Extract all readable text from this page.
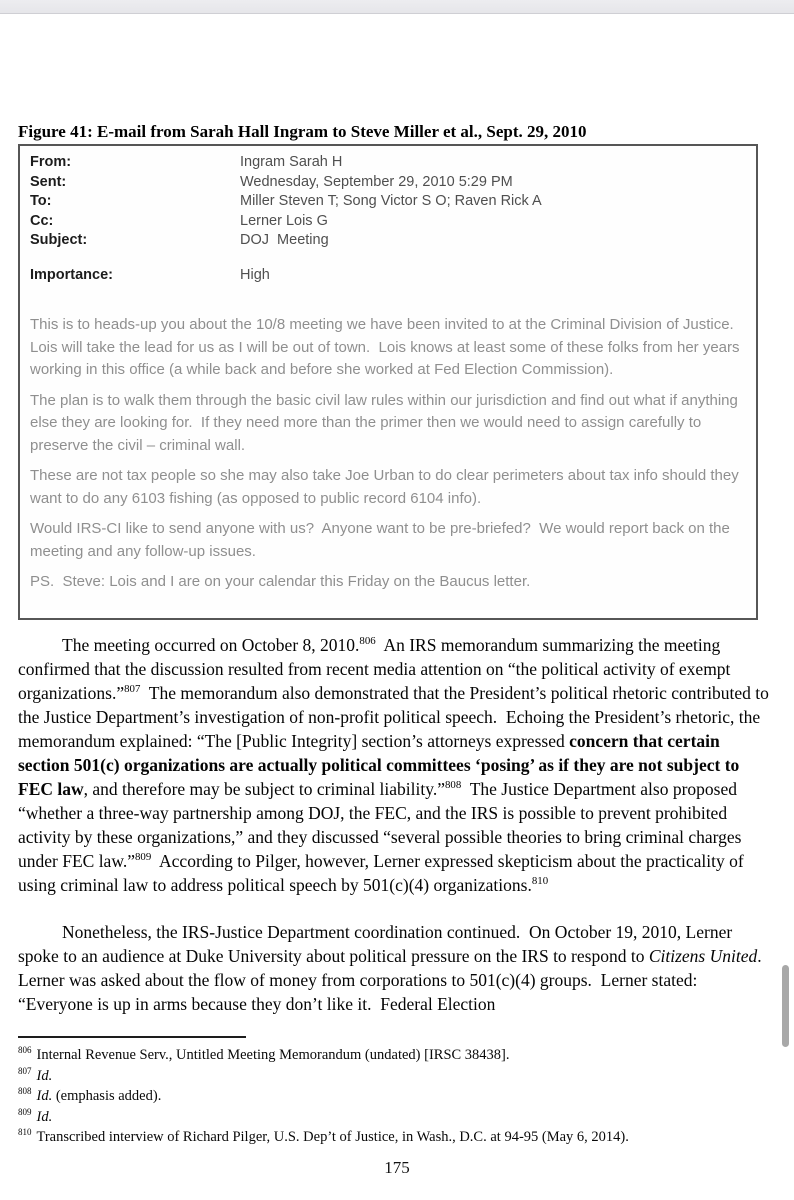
Figure 41: E-mail from Sarah Hall Ingram to Steve Miller et al., Sept. 29, 2010
From:	Ingram Sarah H
Sent:	Wednesday, September 29, 2010 5:29 PM
To:	Miller Steven T; Song Victor S O; Raven Rick A
Cc:	Lerner Lois G
Subject:	DOJ  Meeting
Importance:	High
This is to heads-up you about the 10/8 meeting we have been invited to at the Criminal Division of Justice.  Lois will take the lead for us as I will be out of town.  Lois knows at least some of these folks from her years working in this office (a while back and before she worked at Fed Election Commission).
The plan is to walk them through the basic civil law rules within our jurisdiction and find out what if anything else they are looking for.  If they need more than the primer then we would need to assign carefully to preserve the civil – criminal wall.
These are not tax people so she may also take Joe Urban to do clear perimeters about tax info should they want to do any 6103 fishing (as opposed to public record 6104 info).
Would IRS-CI like to send anyone with us?  Anyone want to be pre-briefed?  We would report back on the meeting and any follow-up issues.
PS.  Steve: Lois and I are on your calendar this Friday on the Baucus letter.

The meeting occurred on October 8, 2010.$^{806}$  An IRS memorandum summarizing the meeting confirmed that the discussion resulted from recent media attention on “the political activity of exempt organizations.”$^{807}$  The memorandum also demonstrated that the President’s political rhetoric contributed to the Justice Department’s investigation of non-profit political speech.  Echoing the President’s rhetoric, the memorandum explained: “The [Public Integrity] section’s attorneys expressed concern that certain section 501(c) organizations are actually political committees ‘posing’ as if they are not subject to FEC law, and therefore may be subject to criminal liability.”$^{808}$  The Justice Department also proposed “whether a three-way partnership among DOJ, the FEC, and the IRS is possible to prevent prohibited activity by these organizations,” and they discussed “several possible theories to bring criminal charges under FEC law.”$^{809}$  According to Pilger, however, Lerner expressed skepticism about the practicality of using criminal law to address political speech by 501(c)(4) organizations.$^{810}$

Nonetheless, the IRS-Justice Department coordination continued.  On October 19, 2010, Lerner spoke to an audience at Duke University about political pressure on the IRS to respond to Citizens United.  Lerner was asked about the flow of money from corporations to 501(c)(4) groups.  Lerner stated:  “Everyone is up in arms because they don’t like it.  Federal Election

$^{806}$ Internal Revenue Serv., Untitled Meeting Memorandum (undated) [IRSC 38438].
$^{807}$ Id.
$^{808}$ Id. (emphasis added).
$^{809}$ Id.
$^{810}$ Transcribed interview of Richard Pilger, U.S. Dep’t of Justice, in Wash., D.C. at 94-95 (May 6, 2014).
175
